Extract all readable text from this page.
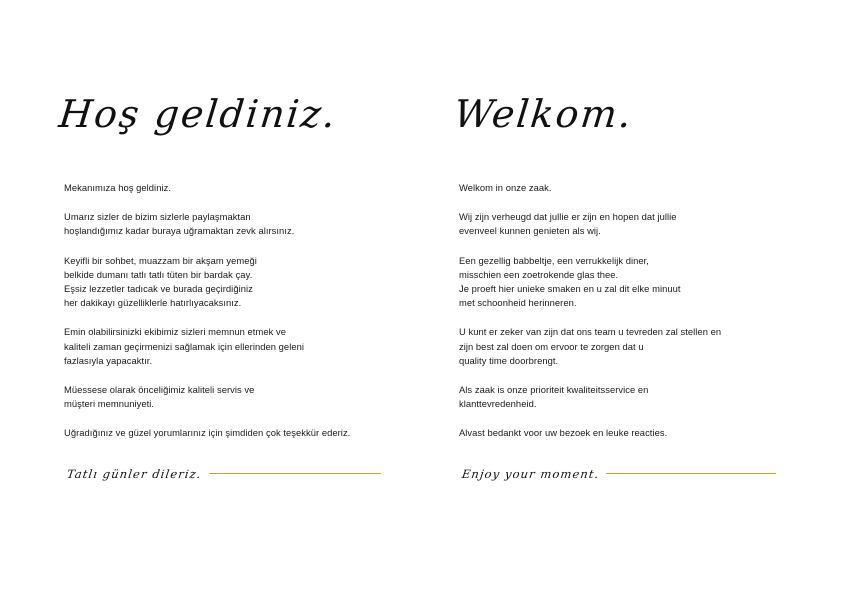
Hoş geldiniz.

Mekanımıza hoş geldiniz.

Umarız sizler de bizim sizlerle paylaşmaktan
hoşlandığımız kadar buraya uğramaktan zevk alırsınız.

Keyifli bir sohbet, muazzam bir akşam yemeği
belkide dumanı tatlı tatlı tüten bir bardak çay.
Eşsiz lezzetler tadıcak ve burada geçirdiğiniz
her dakikayı güzelliklerle hatırlıyacaksınız.

Emin olabilirsinizki ekibimiz sizleri memnun etmek ve
kaliteli zaman geçirmenizi sağlamak için ellerinden geleni
fazlasıyla yapacaktır.

Müessese olarak önceliğimiz kaliteli servis ve
müşteri memnuniyeti.

Uğradığınız ve güzel yorumlarınız için şimdiden çok teşekkür ederiz.

Tatlı günler dileriz.
Welkom.

Welkom in onze zaak.

Wij zijn verheugd dat jullie er zijn en hopen dat jullie
evenveel kunnen genieten als wij.

Een gezellig babbeltje, een verrukkelijk diner,
misschien een zoetrokende glas thee.
Je proeft hier unieke smaken en u zal dit elke minuut
met schoonheid herinneren.

U kunt er zeker van zijn dat ons team u tevreden zal stellen en
zijn best zal doen om ervoor te zorgen dat u
quality time doorbrengt.

Als zaak is onze prioriteit kwaliteitsservice en
klanttevredenheid.

Alvast bedankt voor uw bezoek en leuke reacties.

Enjoy your moment.
